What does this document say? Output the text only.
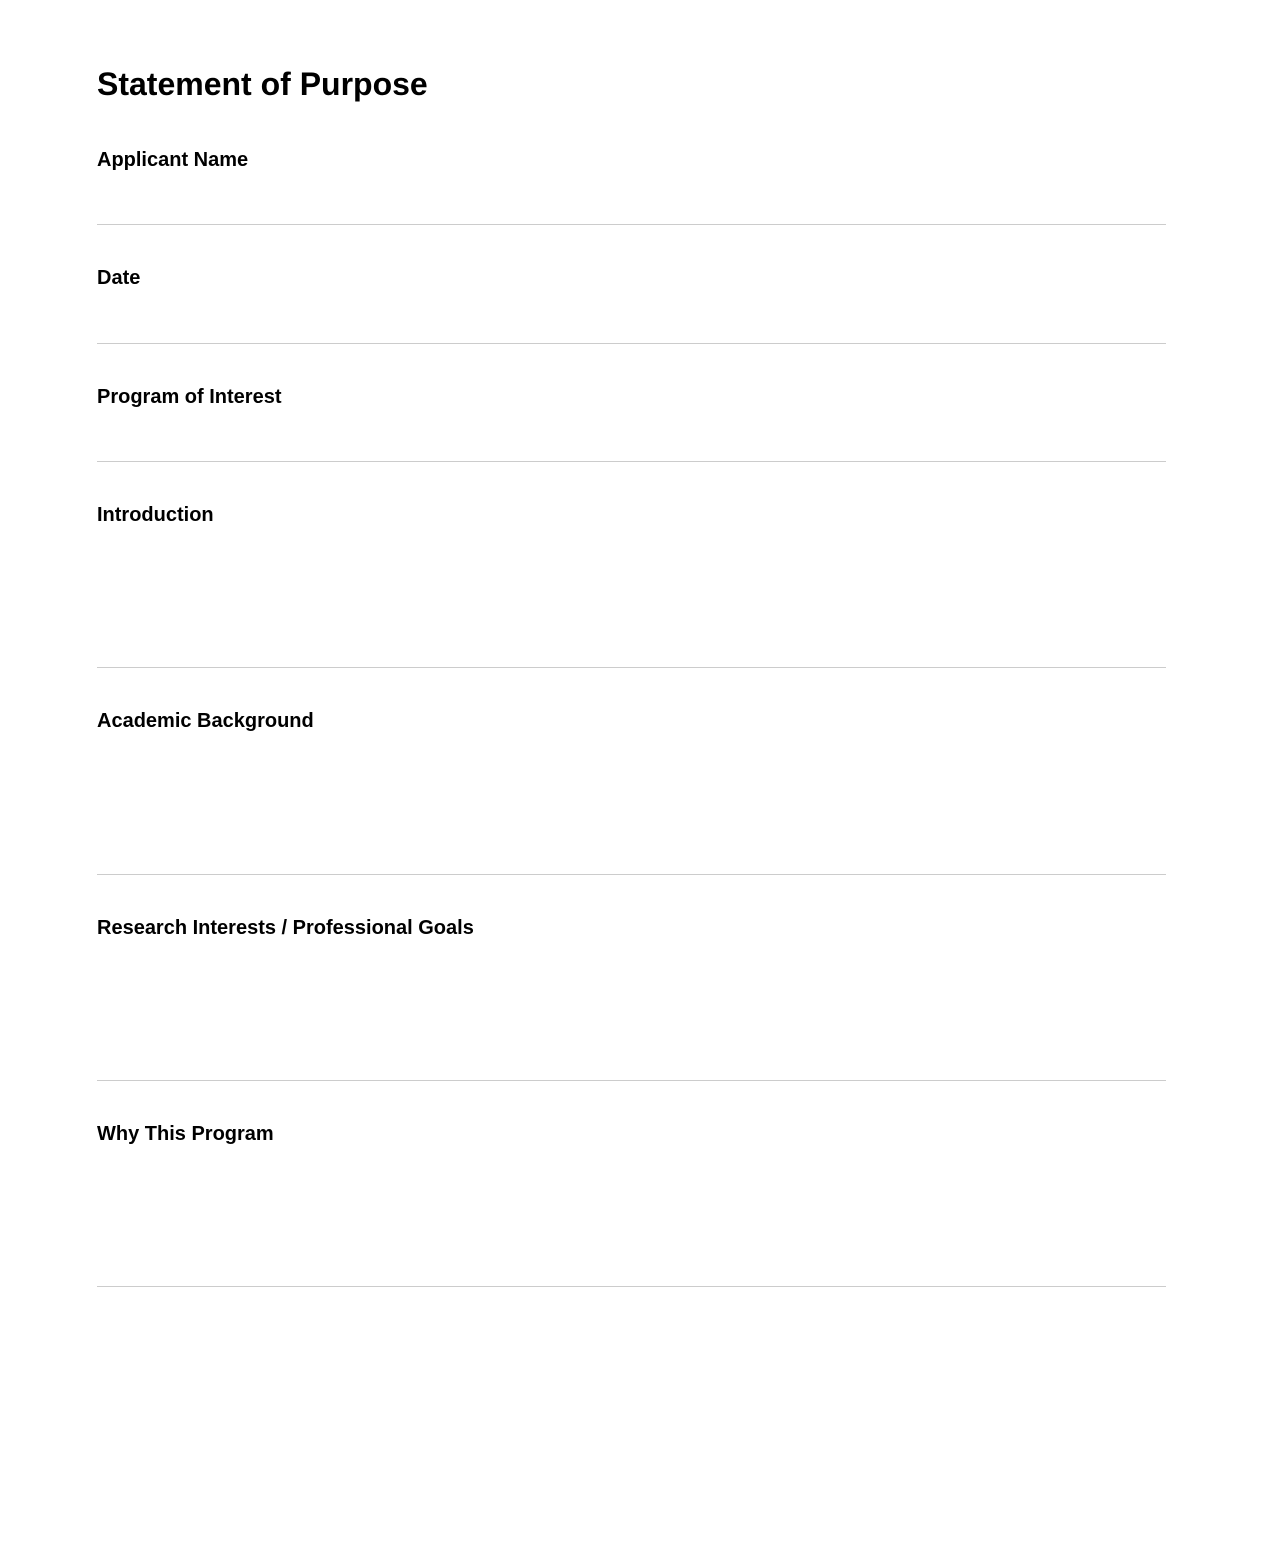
Statement of Purpose
Applicant Name
Date
Program of Interest
Introduction
Academic Background
Research Interests / Professional Goals
Why This Program
